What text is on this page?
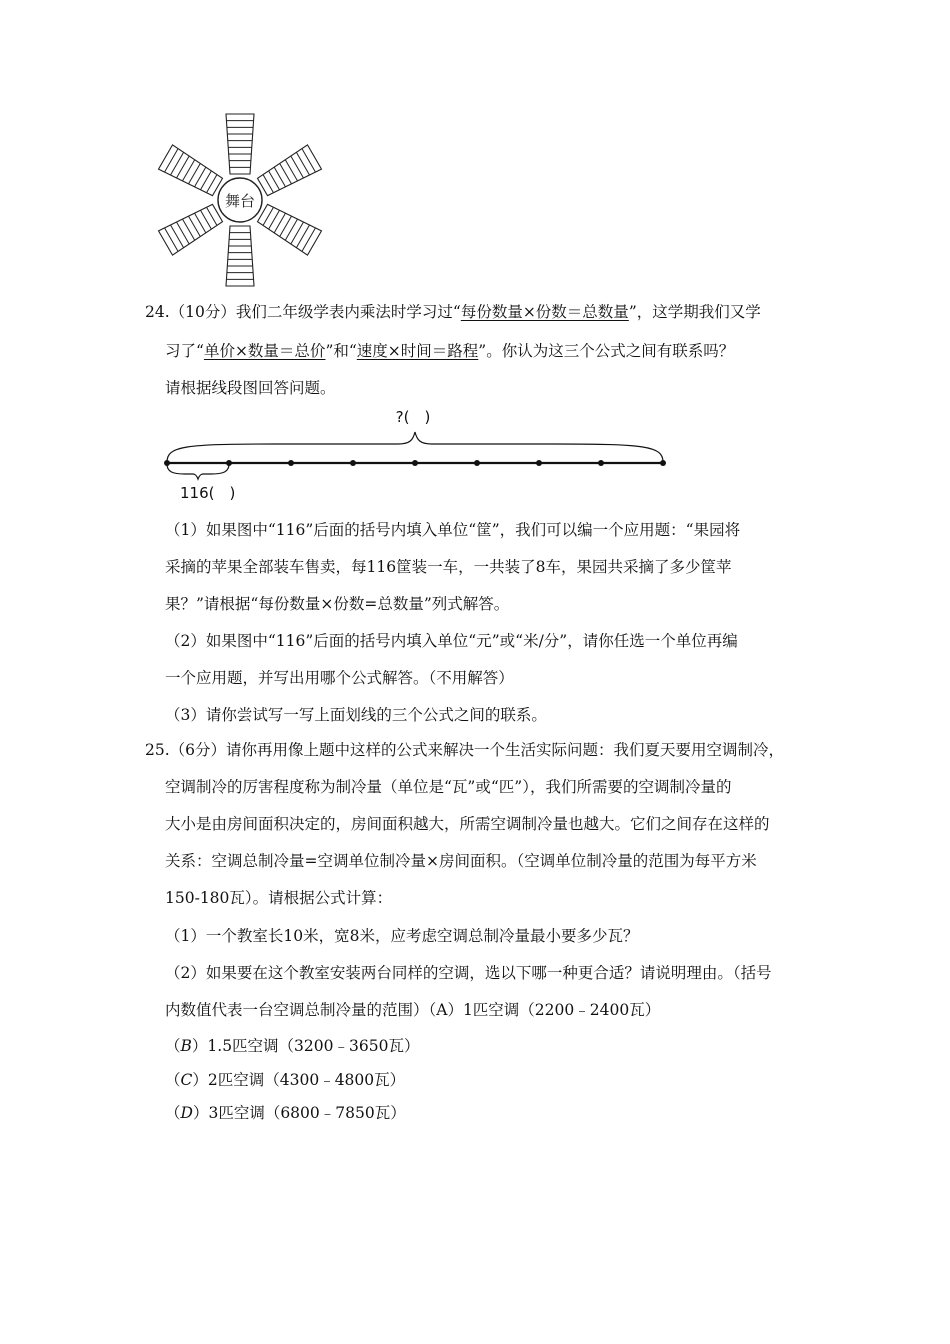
舞台
24.（10分）我们二年级学表内乘法时学习过“每份数量×份数＝总数量”，这学期我们又学
习了“单价×数量＝总价”和“速度×时间＝路程”。你认为这三个公式之间有联系吗？
请根据线段图回答问题。
?( )
116( )
（1）如果图中“116”后面的括号内填入单位“筐”，我们可以编一个应用题：“果园将
采摘的苹果全部装车售卖，每116筐装一车，一共装了8车，果园共采摘了多少筐苹
果？”请根据“每份数量×份数=总数量”列式解答。
（2）如果图中“116”后面的括号内填入单位“元”或“米/分”，请你任选一个单位再编
一个应用题，并写出用哪个公式解答。（不用解答）
（3）请你尝试写一写上面划线的三个公式之间的联系。
25.（6分）请你再用像上题中这样的公式来解决一个生活实际问题：我们夏天要用空调制冷，
空调制冷的厉害程度称为制冷量（单位是“瓦”或“匹”），我们所需要的空调制冷量的
大小是由房间面积决定的，房间面积越大，所需空调制冷量也越大。它们之间存在这样的
关系：空调总制冷量=空调单位制冷量×房间面积。（空调单位制冷量的范围为每平方米
150-180瓦）。请根据公式计算：
（1）一个教室长10米，宽8米，应考虑空调总制冷量最小要多少瓦？
（2）如果要在这个教室安装两台同样的空调，选以下哪一种更合适？请说明理由。（括号
内数值代表一台空调总制冷量的范围）（A）1匹空调（2200﹣2400瓦）
（B）1.5匹空调（3200﹣3650瓦）
（C）2匹空调（4300﹣4800瓦）
（D）3匹空调（6800﹣7850瓦）
